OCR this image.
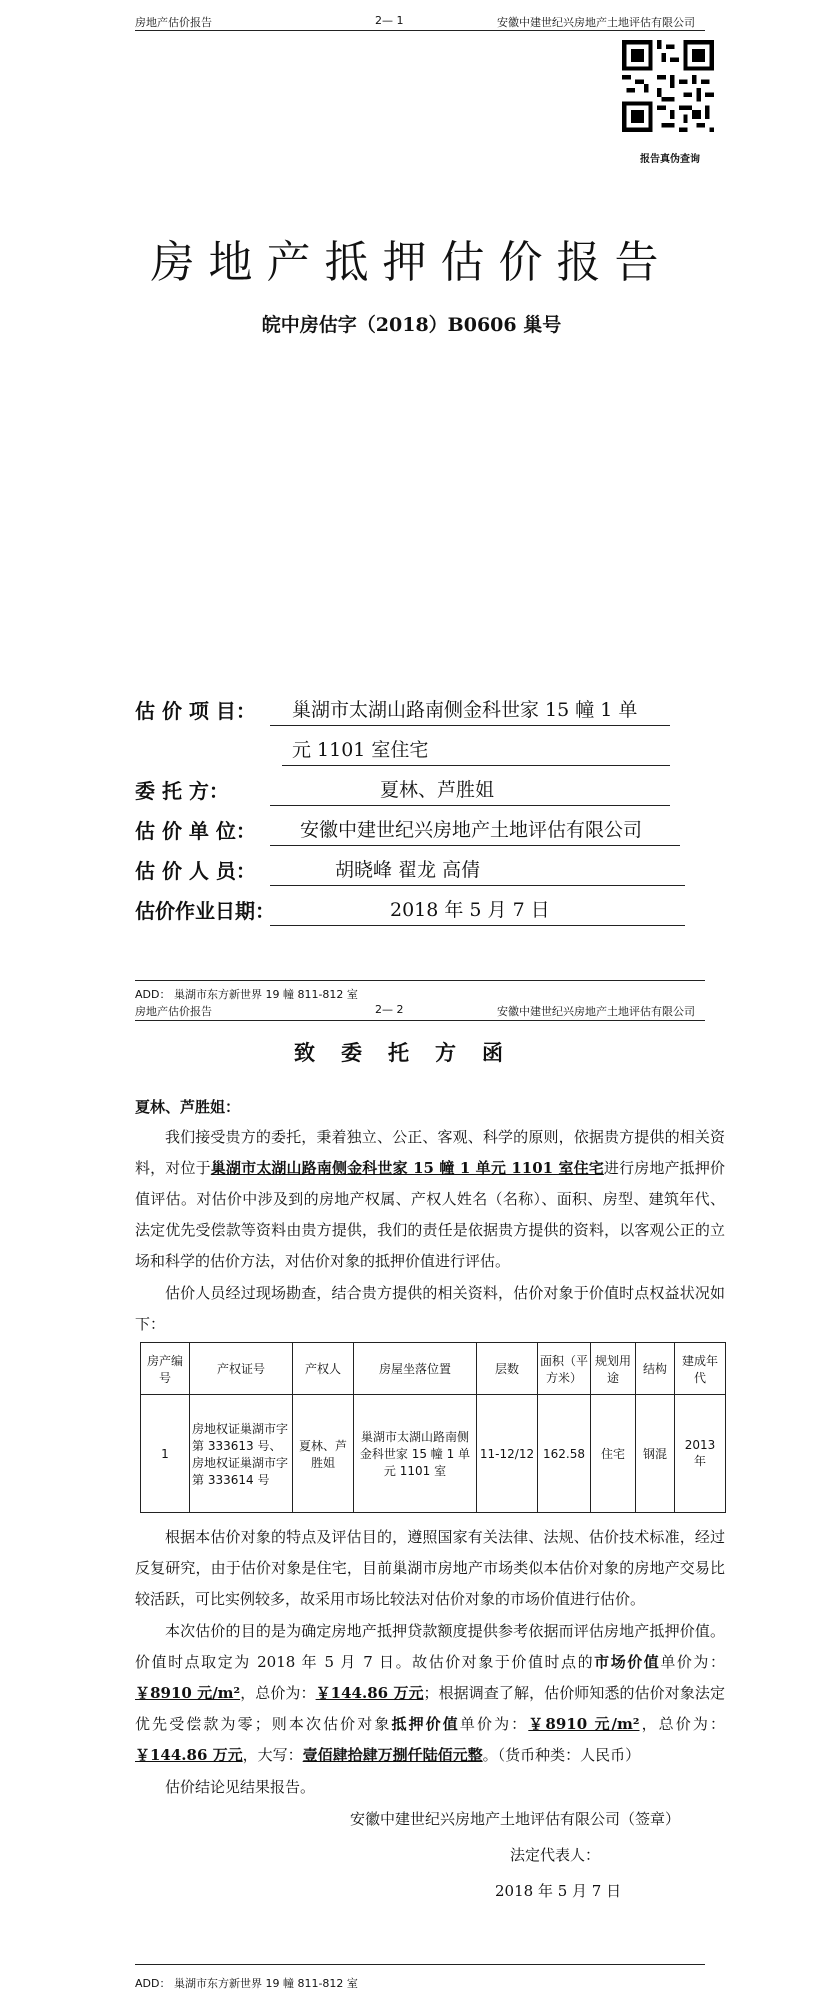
房地产估价报告	2— 1	安徽中建世纪兴房地产土地评估有限公司
报告真伪查询
房地产抵押估价报告
皖中房估字（2018）B0606 巢号
估 价 项 目： 巢湖市太湖山路南侧金科世家 15 幢 1 单
元 1101 室住宅
委 托 方：	夏林、芦胜姐
估 价 单 位： 安徽中建世纪兴房地产土地评估有限公司
估 价 人 员：	胡晓峰 翟龙 高倩
估价作业日期：	2018 年 5 月 7 日
ADD： 巢湖市东方新世界 19 幢 811-812 室
房地产估价报告	2— 2	安徽中建世纪兴房地产土地评估有限公司
致委托方函
夏林、芦胜姐：
我们接受贵方的委托，秉着独立、公正、客观、科学的原则，依据贵方提供的相关资料，对位于巢湖市太湖山路南侧金科世家 15 幢 1 单元 1101 室住宅进行房地产抵押价值评估。对估价中涉及到的房地产权属、产权人姓名（名称）、面积、房型、建筑年代、法定优先受偿款等资料由贵方提供，我们的责任是依据贵方提供的资料，以客观公正的立场和科学的估价方法，对估价对象的抵押价值进行评估。
估价人员经过现场勘查，结合贵方提供的相关资料，估价对象于价值时点权益状况如下：
房产编号	产权证号	产权人	房屋坐落位置	层数	面积（平方米）	规划用途	结构	建成年代
1	房地权证巢湖市字第 333613 号、房地权证巢湖市字第 333614 号	夏林、芦胜姐	巢湖市太湖山路南侧金科世家 15 幢 1 单元 1101 室	11-12/12	162.58	住宅	钢混	2013 年
根据本估价对象的特点及评估目的，遵照国家有关法律、法规、估价技术标准，经过反复研究，由于估价对象是住宅，目前巢湖市房地产市场类似本估价对象的房地产交易比较活跃，可比实例较多，故采用市场比较法对估价对象的市场价值进行估价。
本次估价的目的是为确定房地产抵押贷款额度提供参考依据而评估房地产抵押价值。价值时点取定为 2018 年 5 月 7 日。故估价对象于价值时点的市场价值单价为：￥8910 元/m²，总价为：￥144.86 万元；根据调查了解，估价师知悉的估价对象法定优先受偿款为零；则本次估价对象抵押价值单价为：￥8910 元/m²，总价为：￥144.86 万元，大写：壹佰肆拾肆万捌仟陆佰元整。（货币种类：人民币）
估价结论见结果报告。
安徽中建世纪兴房地产土地评估有限公司（签章）
法定代表人：
2018 年 5 月 7 日
ADD： 巢湖市东方新世界 19 幢 811-812 室
